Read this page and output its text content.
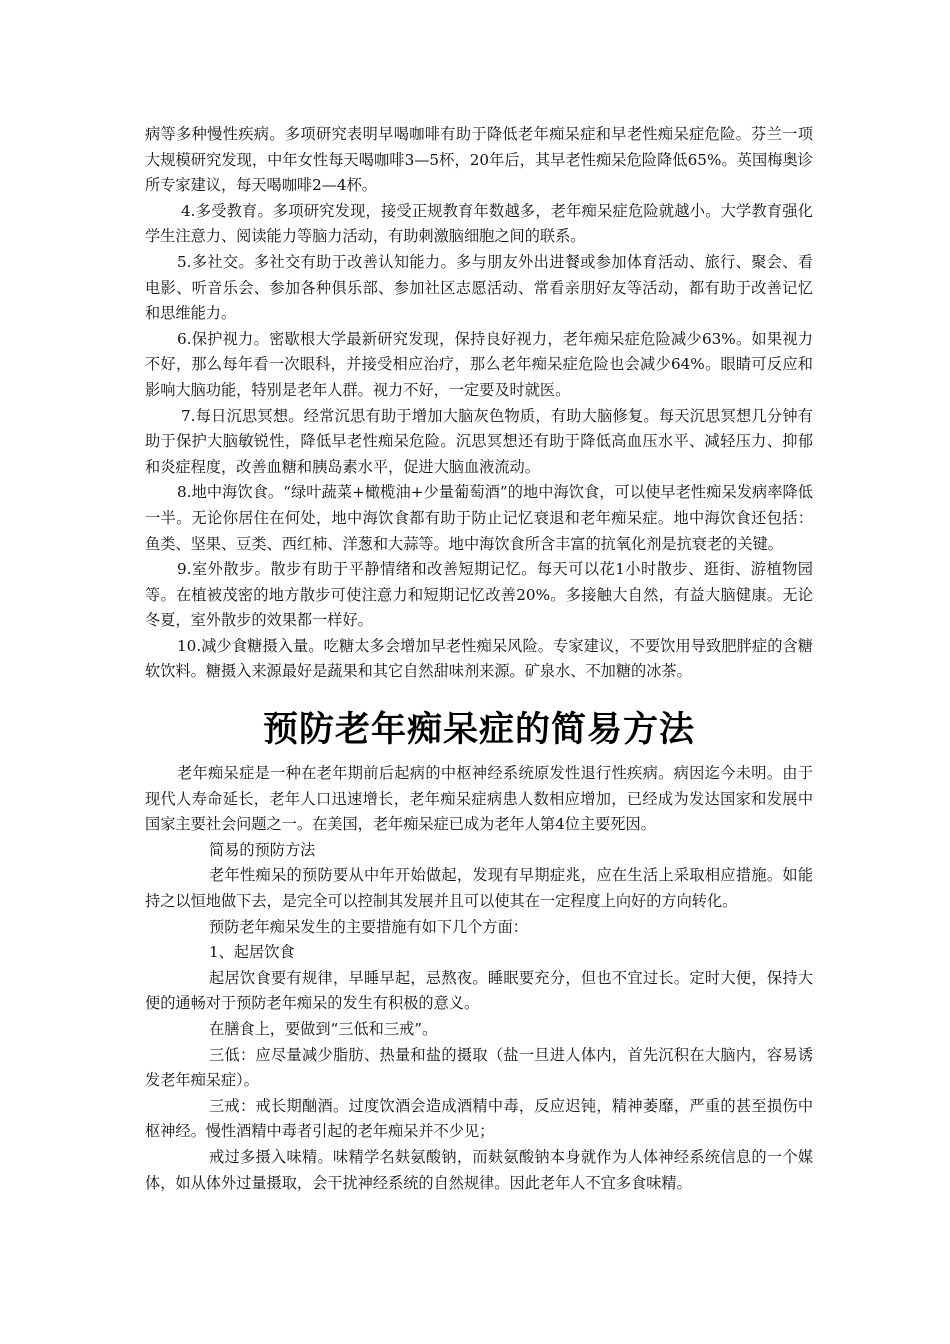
病等多种慢性疾病。多项研究表明早喝咖啡有助于降低老年痴呆症和早老性痴呆症危险。芬兰一项大规模研究发现，中年女性每天喝咖啡3—5杯，20年后，其早老性痴呆危险降低65%。英国梅奥诊所专家建议，每天喝咖啡2—4杯。

4.多受教育。多项研究发现，接受正规教育年数越多，老年痴呆症危险就越小。大学教育强化学生注意力、阅读能力等脑力活动，有助刺激脑细胞之间的联系。

5.多社交。多社交有助于改善认知能力。多与朋友外出进餐或参加体育活动、旅行、聚会、看电影、听音乐会、参加各种俱乐部、参加社区志愿活动、常看亲朋好友等活动，都有助于改善记忆和思维能力。

6.保护视力。密歇根大学最新研究发现，保持良好视力，老年痴呆症危险减少63%。如果视力不好，那么每年看一次眼科，并接受相应治疗，那么老年痴呆症危险也会减少64%。眼睛可反应和影响大脑功能，特别是老年人群。视力不好，一定要及时就医。

7.每日沉思冥想。经常沉思有助于增加大脑灰色物质，有助大脑修复。每天沉思冥想几分钟有助于保护大脑敏锐性，降低早老性痴呆危险。沉思冥想还有助于降低高血压水平、减轻压力、抑郁和炎症程度，改善血糖和胰岛素水平，促进大脑血液流动。

8.地中海饮食。“绿叶蔬菜+橄榄油+少量葡萄酒”的地中海饮食，可以使早老性痴呆发病率降低一半。无论你居住在何处，地中海饮食都有助于防止记忆衰退和老年痴呆症。地中海饮食还包括：鱼类、坚果、豆类、西红柿、洋葱和大蒜等。地中海饮食所含丰富的抗氧化剂是抗衰老的关键。

9.室外散步。散步有助于平静情绪和改善短期记忆。每天可以花1小时散步、逛街、游植物园等。在植被茂密的地方散步可使注意力和短期记忆改善20%。多接触大自然，有益大脑健康。无论冬夏，室外散步的效果都一样好。

10.减少食糖摄入量。吃糖太多会增加早老性痴呆风险。专家建议，不要饮用导致肥胖症的含糖软饮料。糖摄入来源最好是蔬果和其它自然甜味剂来源。矿泉水、不加糖的冰茶。

预防老年痴呆症的简易方法

老年痴呆症是一种在老年期前后起病的中枢神经系统原发性退行性疾病。病因迄今未明。由于现代人寿命延长，老年人口迅速增长，老年痴呆症病患人数相应增加，已经成为发达国家和发展中国家主要社会问题之一。在美国，老年痴呆症已成为老年人第4位主要死因。

简易的预防方法

老年性痴呆的预防要从中年开始做起，发现有早期症兆，应在生活上采取相应措施。如能持之以恒地做下去，是完全可以控制其发展并且可以使其在一定程度上向好的方向转化。

预防老年痴呆发生的主要措施有如下几个方面：

1、起居饮食

起居饮食要有规律，早睡早起，忌熬夜。睡眠要充分，但也不宜过长。定时大便，保持大便的通畅对于预防老年痴呆的发生有积极的意义。

在膳食上，要做到“三低和三戒”。

三低：应尽量减少脂肪、热量和盐的摄取（盐一旦进人体内，首先沉积在大脑内，容易诱发老年痴呆症）。

三戒：戒长期酗酒。过度饮酒会造成酒精中毒，反应迟钝，精神萎靡，严重的甚至损伤中枢神经。慢性酒精中毒者引起的老年痴呆并不少见；

戒过多摄入味精。味精学名麸氨酸钠，而麸氨酸钠本身就作为人体神经系统信息的一个媒体，如从体外过量摄取，会干扰神经系统的自然规律。因此老年人不宜多食味精。
